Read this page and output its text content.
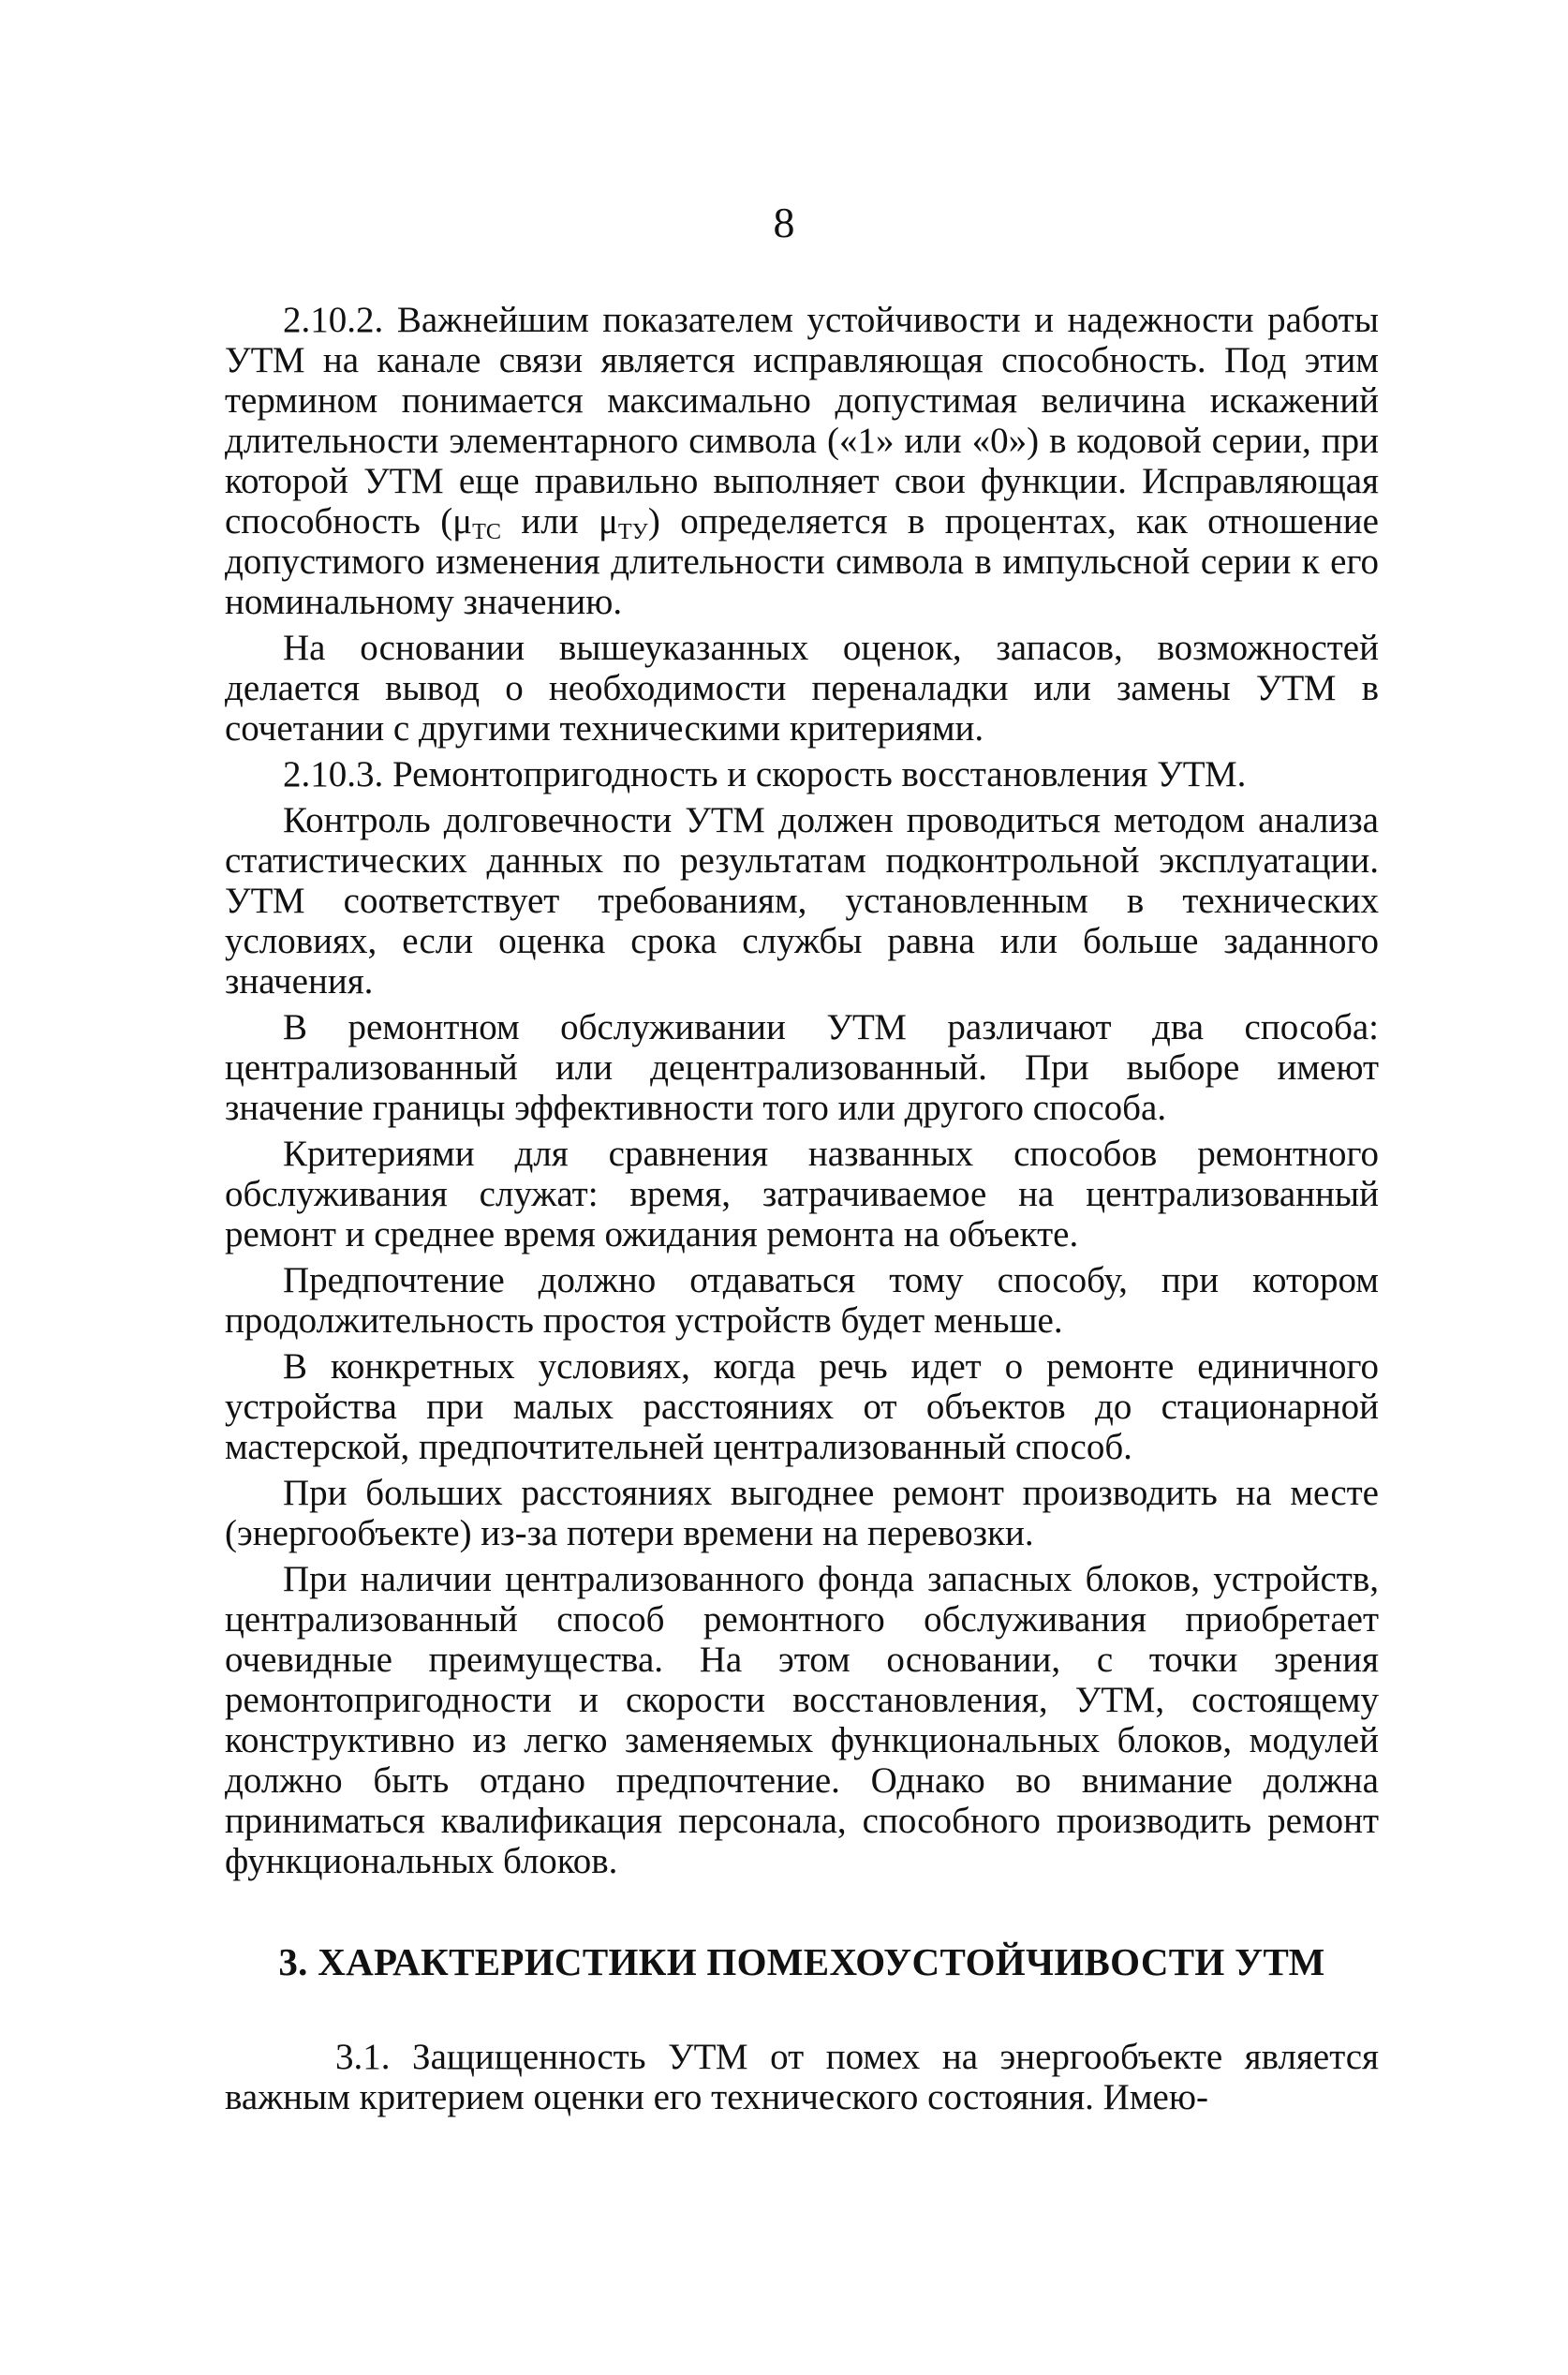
8

2.10.2. Важнейшим показателем устойчивости и надежности работы УТМ на канале связи является исправляющая способность. Под этим термином понимается максимально допустимая величина искажений длительности элементарного символа («1» или «0») в кодовой серии, при которой УТМ еще правильно выполняет свои функции. Исправляющая способность ($\mu_{ТС}$ или $\mu_{ТУ}$) определяется в процентах, как отношение допустимого изменения длительности символа в импульсной серии к его номинальному значению.

На основании вышеуказанных оценок, запасов, возможностей делается вывод о необходимости переналадки или замены УТМ в сочетании с другими техническими критериями.

2.10.3. Ремонтопригодность и скорость восстановления УТМ.

Контроль долговечности УТМ должен проводиться методом анализа статистических данных по результатам подконтрольной эксплуатации. УТМ соответствует требованиям, установленным в технических условиях, если оценка срока службы равна или больше заданного значения.

В ремонтном обслуживании УТМ различают два способа: централизованный или децентрализованный. При выборе имеют значение границы эффективности того или другого способа.

Критериями для сравнения названных способов ремонтного обслуживания служат: время, затрачиваемое на централизованный ремонт и среднее время ожидания ремонта на объекте.

Предпочтение должно отдаваться тому способу, при котором продолжительность простоя устройств будет меньше.

В конкретных условиях, когда речь идет о ремонте единичного устройства при малых расстояниях от объектов до стационарной мастерской, предпочтительней централизованный способ.

При больших расстояниях выгоднее ремонт производить на месте (энергообъекте) из-за потери времени на перевозки.

При наличии централизованного фонда запасных блоков, устройств, централизованный способ ремонтного обслуживания приобретает очевидные преимущества. На этом основании, с точки зрения ремонтопригодности и скорости восстановления, УТМ, состоящему конструктивно из легко заменяемых функциональных блоков, модулей должно быть отдано предпочтение. Однако во внимание должна приниматься квалификация персонала, способного производить ремонт функциональных блоков.

3. ХАРАКТЕРИСТИКИ ПОМЕХОУСТОЙЧИВОСТИ УТМ

3.1. Защищенность УТМ от помех на энергообъекте является важным критерием оценки его технического состояния. Имею-
